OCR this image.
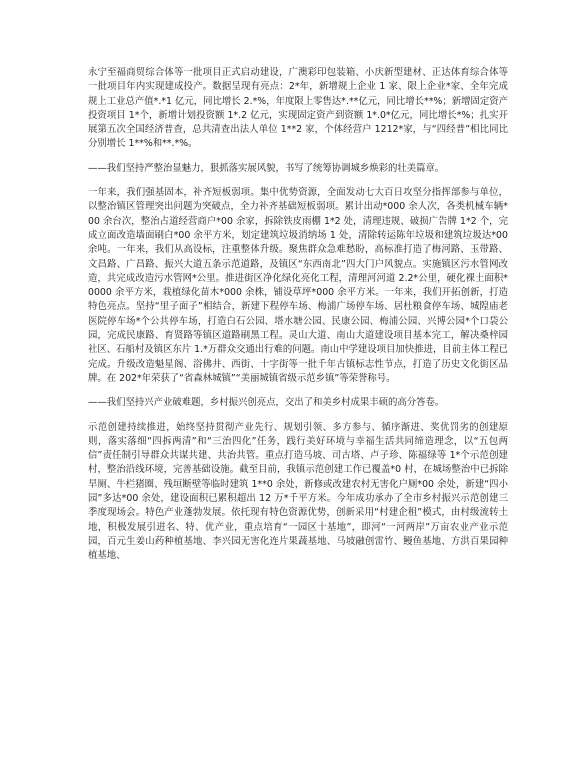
永宁至福商贸综合体等一批项目正式启动建设，广澳彩印包装箱、小庆新型建材、正达体育综合体等一批项目年内实现建成投产。数据呈现有亮点：2*年，新增规上企业 1 家、限上企业*家、全年完成规上工业总产值*.*1 亿元，同比增长 2.*%，年度限上零售达*.**亿元，同比增长**%；新增固定资产投资项目 1*个，新增计划投资额 1*.2 亿元，实现固定资产到资额 1*.0*亿元，同比增长*%；扎实开展第五次全国经济普查，总共清查出法人单位 1**2 家，个体经营户 1212*家，与“四经普”相比同比分别增长 1**%和**.*%。

——我们坚持严整治显魅力，狠抓落实展风貌，书写了统筹协调城乡焕彩的壮美篇章。

一年来，我们强基固本，补齐短板弱项。集中优势资源，全面发动七大百日攻坚分指挥部参与单位，以整治镇区管理突出问题为突破点，全力补齐基础短板弱项。累计出动*000 余人次，各类机械车辆*00 余台次，整治占道经营商户*00 余家，拆除铁皮雨棚 1*2 处，清理违规、破损广告牌 1*2 个，完成立面改造墙面刷白*00 余平方米，划定建筑垃圾消纳场 1 处，清除转运陈年垃圾和建筑垃圾达*00 余吨。一年来，我们从高设标，注重整体升级。聚焦群众急难愁盼，高标准打造了梅河路、玉带路、文昌路、广昌路、振兴大道五条示范道路，及镇区“东西南北”四大门户风貌点。实施镇区污水管网改造，共完成改造污水管网*公里。推进街区净化绿化亮化工程，清理河河道 2.2*公里，硬化裸土面积*0000 余平方米，栽植绿化苗木*000 余株，铺设草坪*000 余平方米。一年来，我们开拓创新，打造特色亮点。坚持“里子面子”相结合，新建下程停车场、梅浦广场停车场、居杜粮食停车场、城隍庙老医院停车场*个公共停车场，打造白石公园、塔水塘公园、民康公园、梅浦公园、兴博公园*个口袋公园，完成民康路、育贤路等镇区道路刷黑工程。灵山大道、南山大道建设项目基本完工，解决桑梓园社区、石船村及镇区东片 1.*万群众交通出行难的问题。南山中学建设项目加快推进，目前主体工程已完成。升级改造魁星阁、浴佛井、西街、十字街等一批千年古镇标志性节点，打造了历史文化街区品牌。在 202*年荣获了“省森林城镇”“美丽城镇省级示范乡镇”等荣誉称号。

——我们坚持兴产业破难题，乡村振兴创亮点，交出了和美乡村成果丰硕的高分答卷。

示范创建持续推进，始终坚持贯彻产业先行、规划引领、多方参与、循序渐进、奖优罚劣的创建原则，落实落细“四拆两清”和“三治四化”任务，践行美好环境与幸福生活共同缔造理念，以“五包两信”责任制引导群众共谋共建、共治共管。重点打造马坡、司古塔、卢子珍、陈福绿等 1*个示范创建村，整治沿线环境，完善基础设施。截至目前，我镇示范创建工作已覆盖*0 村，在城场整治中已拆除旱厕、牛栏猪圈、残垣断壁等临时建筑 1**0 余处，新修或改建农村无害化户厕*00 余处，新建“四小园”多达*00 余处，建设面积已累积超出 12 万*千平方米。今年成功承办了全市乡村振兴示范创建三季度现场会。特色产业蓬勃发展。依托现有特色资源优势，创新采用“村建企租”模式，由村级流转土地，积极发展引进名、特、优产业，重点培育“一园区十基地”，即河“一河两岸”万亩农业产业示范园，百元生姜山药种植基地、李兴园无害化连片果蔬基地、马坡融创雷竹、鳗鱼基地、方洪百果园种植基地、
